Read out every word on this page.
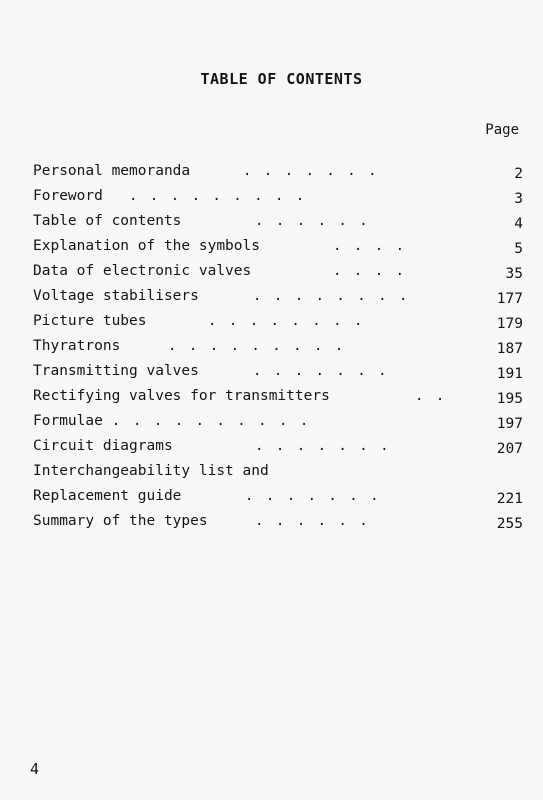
TABLE OF CONTENTS
Page
Personal memoranda	. . . . . . .	2
Foreword . . . . . . . . .	3
Table of contents	. . . . . .	4
Explanation of the symbols	. . . .	5
Data of electronic valves	. . . .	35
Voltage stabilisers	. . . . . . . .	177
Picture tubes	. . . . . . . .	179
Thyratrons	. . . . . . . . .	187
Transmitting valves	. . . . . . .	191
Rectifying valves for transmitters	. .	195
Formulae . . . . . . . . . .	197
Circuit diagrams	. . . . . . .	207
Interchangeability list and
Replacement guide	. . . . . . .	221
Summary of the types	. . . . . .	255
4
